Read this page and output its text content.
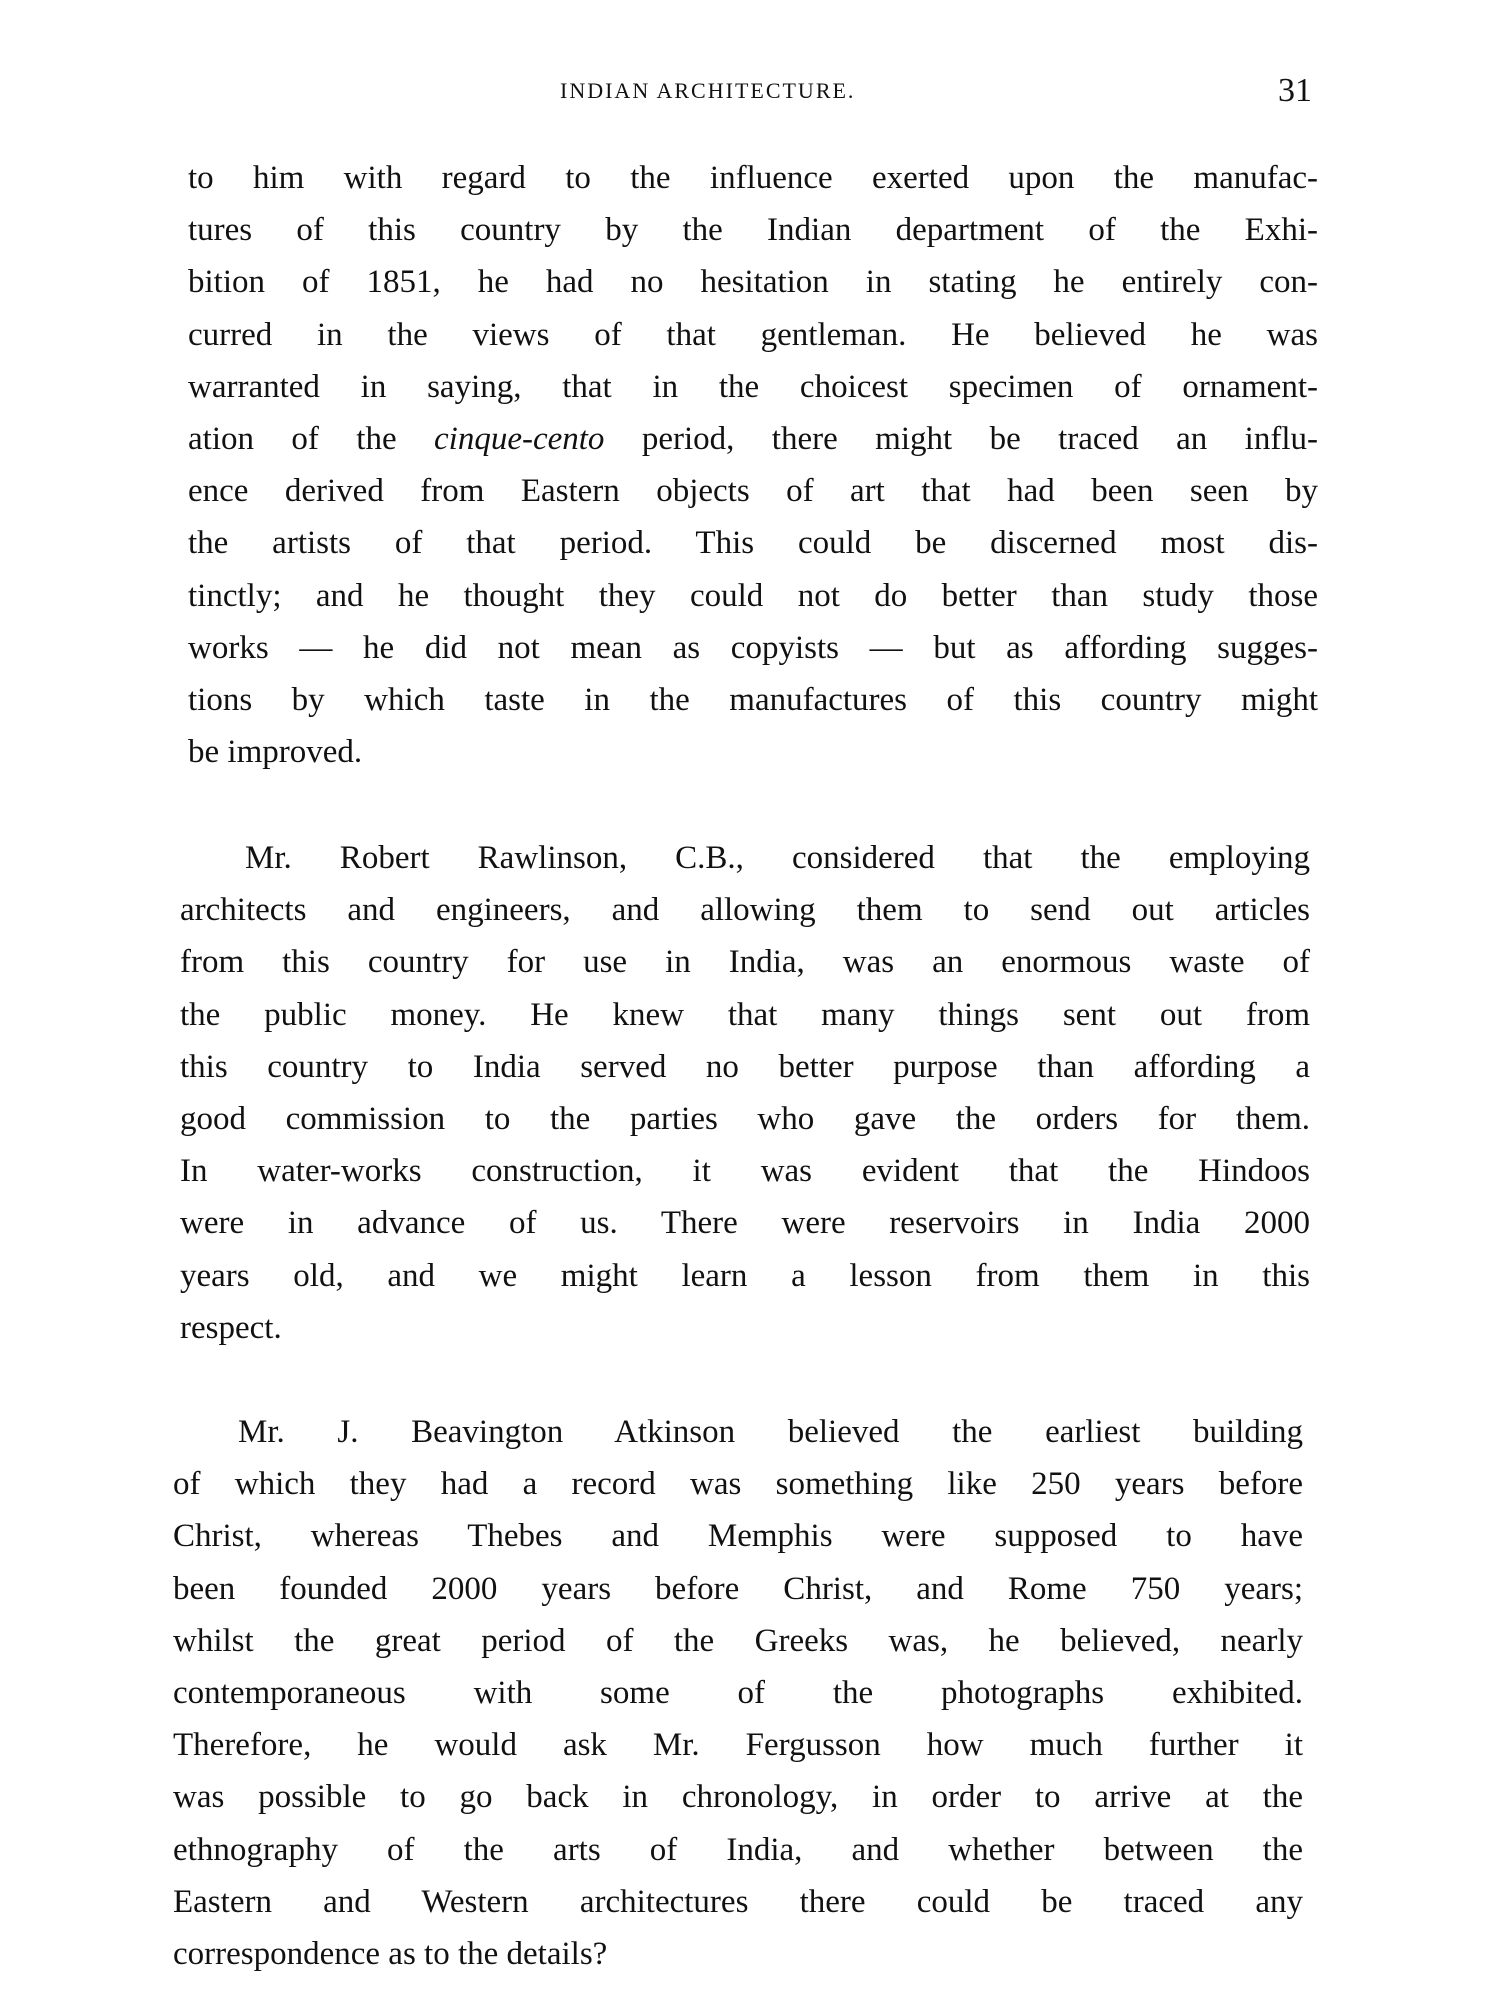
INDIAN ARCHITECTURE.	31
to him with regard to the influence exerted upon the manufac-
tures of this country by the Indian department of the Exhi-
bition of 1851, he had no hesitation in stating he entirely con-
curred in the views of that gentleman. He believed he was
warranted in saying, that in the choicest specimen of ornament-
ation of the cinque-cento period, there might be traced an influ-
ence derived from Eastern objects of art that had been seen by
the artists of that period. This could be discerned most dis-
tinctly; and he thought they could not do better than study those
works — he did not mean as copyists — but as affording sugges-
tions by which taste in the manufactures of this country might
be improved.
Mr. Robert Rawlinson, C.B., considered that the employing
architects and engineers, and allowing them to send out articles
from this country for use in India, was an enormous waste of
the public money. He knew that many things sent out from
this country to India served no better purpose than affording a
good commission to the parties who gave the orders for them.
In water-works construction, it was evident that the Hindoos
were in advance of us. There were reservoirs in India 2000
years old, and we might learn a lesson from them in this
respect.
Mr. J. Beavington Atkinson believed the earliest building
of which they had a record was something like 250 years before
Christ, whereas Thebes and Memphis were supposed to have
been founded 2000 years before Christ, and Rome 750 years;
whilst the great period of the Greeks was, he believed, nearly
contemporaneous with some of the photographs exhibited.
Therefore, he would ask Mr. Fergusson how much further it
was possible to go back in chronology, in order to arrive at the
ethnography of the arts of India, and whether between the
Eastern and Western architectures there could be traced any
correspondence as to the details?
